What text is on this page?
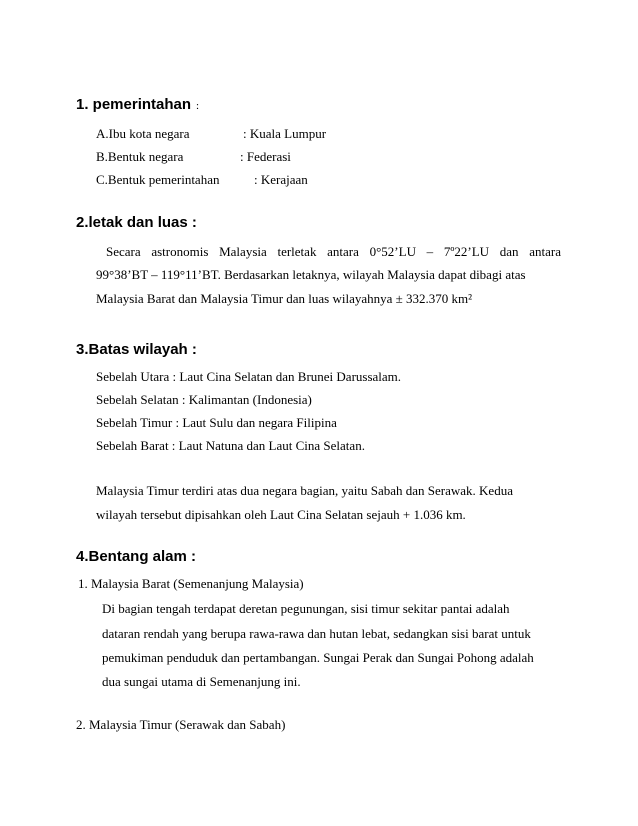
1. pemerintahan :
A.Ibu kota negara	: Kuala Lumpur
B.Bentuk negara	: Federasi
C.Bentuk pemerintahan	: Kerajaan
2.letak dan luas :
Secara astronomis Malaysia terletak antara 0°52’LU – 7º22’LU dan antara
99°38’BT – 119°11’BT. Berdasarkan letaknya, wilayah Malaysia dapat dibagi atas
Malaysia Barat dan Malaysia Timur dan luas wilayahnya ± 332.370 km²
3.Batas wilayah :
Sebelah Utara : Laut Cina Selatan dan Brunei Darussalam.
Sebelah Selatan : Kalimantan (Indonesia)
Sebelah Timur : Laut Sulu dan negara Filipina
Sebelah Barat : Laut Natuna dan Laut Cina Selatan.
Malaysia Timur terdiri atas dua negara bagian, yaitu Sabah dan Serawak. Kedua
wilayah tersebut dipisahkan oleh Laut Cina Selatan sejauh + 1.036 km.
4.Bentang alam :
1. Malaysia Barat (Semenanjung Malaysia)
Di bagian tengah terdapat deretan pegunungan, sisi timur sekitar pantai adalah
dataran rendah yang berupa rawa-rawa dan hutan lebat, sedangkan sisi barat untuk
pemukiman penduduk dan pertambangan. Sungai Perak dan Sungai Pohong adalah
dua sungai utama di Semenanjung ini.
2. Malaysia Timur (Serawak dan Sabah)
